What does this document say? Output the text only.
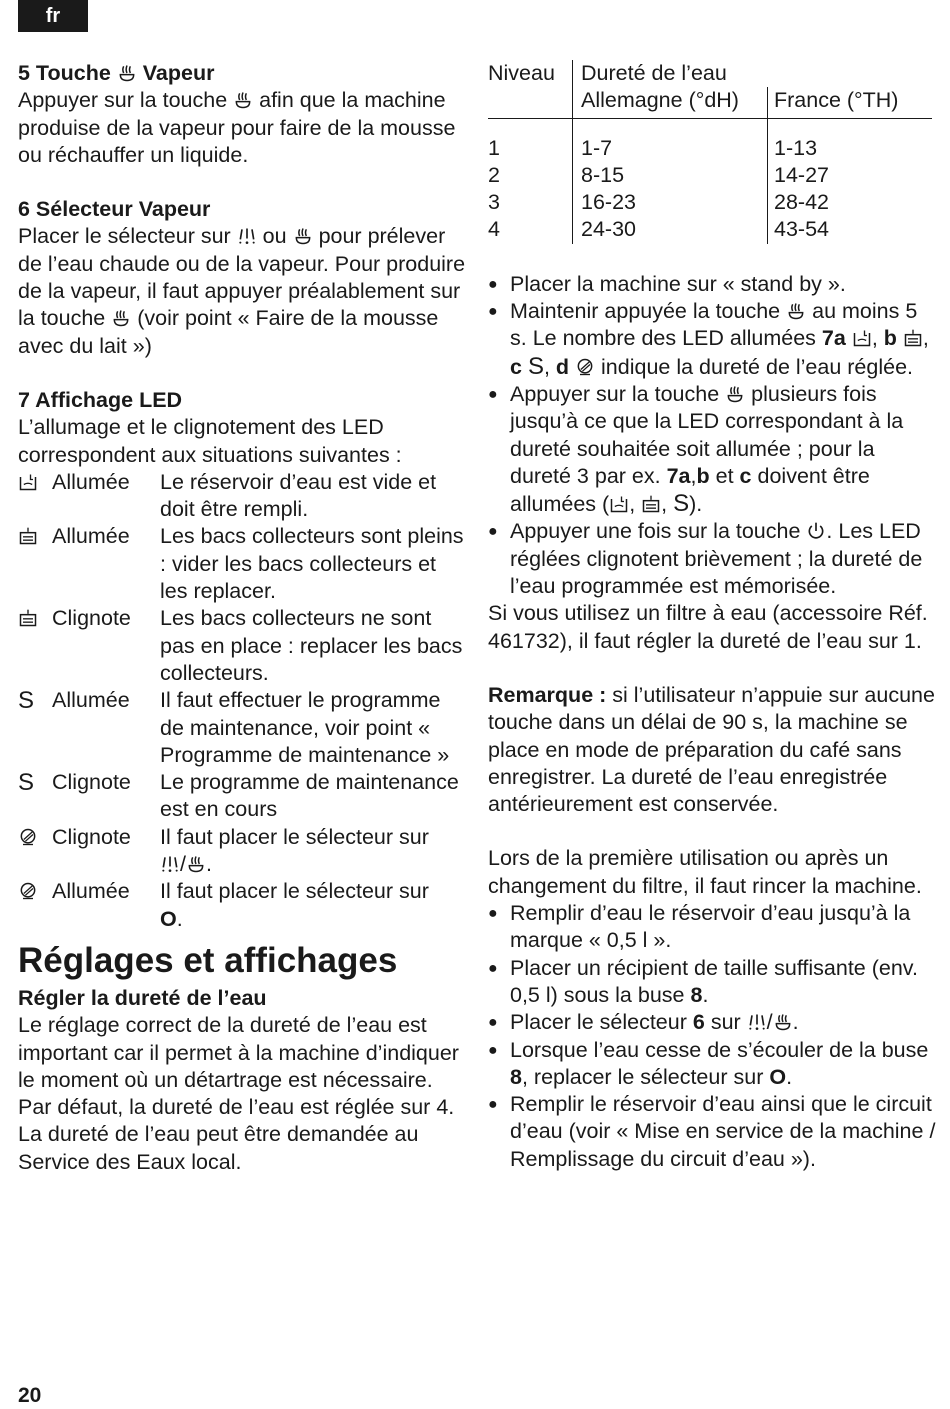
fr

5 Touche Vapeur

Appuyer sur la touche afin que la machine produise de la vapeur pour faire de la mousse ou réchauffer un liquide.

6 Sélecteur Vapeur

Placer le sélecteur sur ou pour prélever de l’eau chaude ou de la vapeur. Pour produire de la vapeur, il faut appuyer préalablement sur la touche (voir point « Faire de la mousse avec du lait »)

7 Affichage LED

L’allumage et le clignotement des LED correspondent aux situations suivantes :

Allumée	Le réservoir d’eau est vide et doit être rempli.
Allumée	Les bacs collecteurs sont pleins : vider les bacs collecteurs et les replacer.
Clignote	Les bacs collecteurs ne sont pas en place : replacer les bacs collecteurs.
S Allumée	Il faut effectuer le programme de maintenance, voir point « Programme de maintenance »
S Clignote	Le programme de maintenance est en cours
Clignote	Il faut placer le sélecteur sur
/ .
Allumée	Il faut placer le sélecteur sur
O.
Réglages et affichages

Régler la dureté de l’eau

Le réglage correct de la dureté de l’eau est important car il permet à la machine d’indiquer le moment où un détartrage est nécessaire. Par défaut, la dureté de l’eau est réglée sur 4.

La dureté de l’eau peut être demandée au Service des Eaux local.

Niveau	Dureté de l’eau	
	Allemagne (°dH)	France (°TH)
1	1-7	1-13
2	8-15	14-27
3	16-23	28-42
4	24-30	43-54
● Placer la machine sur « stand by ».
● Maintenir appuyée la touche au moins 5 s. Le nombre des LED allumées 7a , b , c S, d indique la dureté de l’eau réglée.
● Appuyer sur la touche plusieurs fois jusqu’à ce que la LED correspondant à la dureté souhaitée soit allumée ; pour la dureté 3 par ex. 7a,b et c doivent être allumées ( , , S).
● Appuyer une fois sur la touche . Les LED réglées clignotent brièvement ; la dureté de l’eau programmée est mémorisée.

Si vous utilisez un filtre à eau (accessoire Réf. 461732), il faut régler la dureté de l’eau sur 1.

Remarque : si l’utilisateur n’appuie sur aucune touche dans un délai de 90 s, la machine se place en mode de préparation du café sans enregistrer. La dureté de l’eau enregistrée antérieurement est conservée.

Lors de la première utilisation ou après un changement du filtre, il faut rincer la machine.

● Remplir d’eau le réservoir d’eau jusqu’à la marque « 0,5 l ».
● Placer un récipient de taille suffisante (env. 0,5 l) sous la buse 8.
● Placer le sélecteur 6 sur / .
● Lorsque l’eau cesse de s’écouler de la buse 8, replacer le sélecteur sur O.
● Remplir le réservoir d’eau ainsi que le circuit d’eau (voir « Mise en service de la machine / Remplissage du circuit d’eau »).
20
